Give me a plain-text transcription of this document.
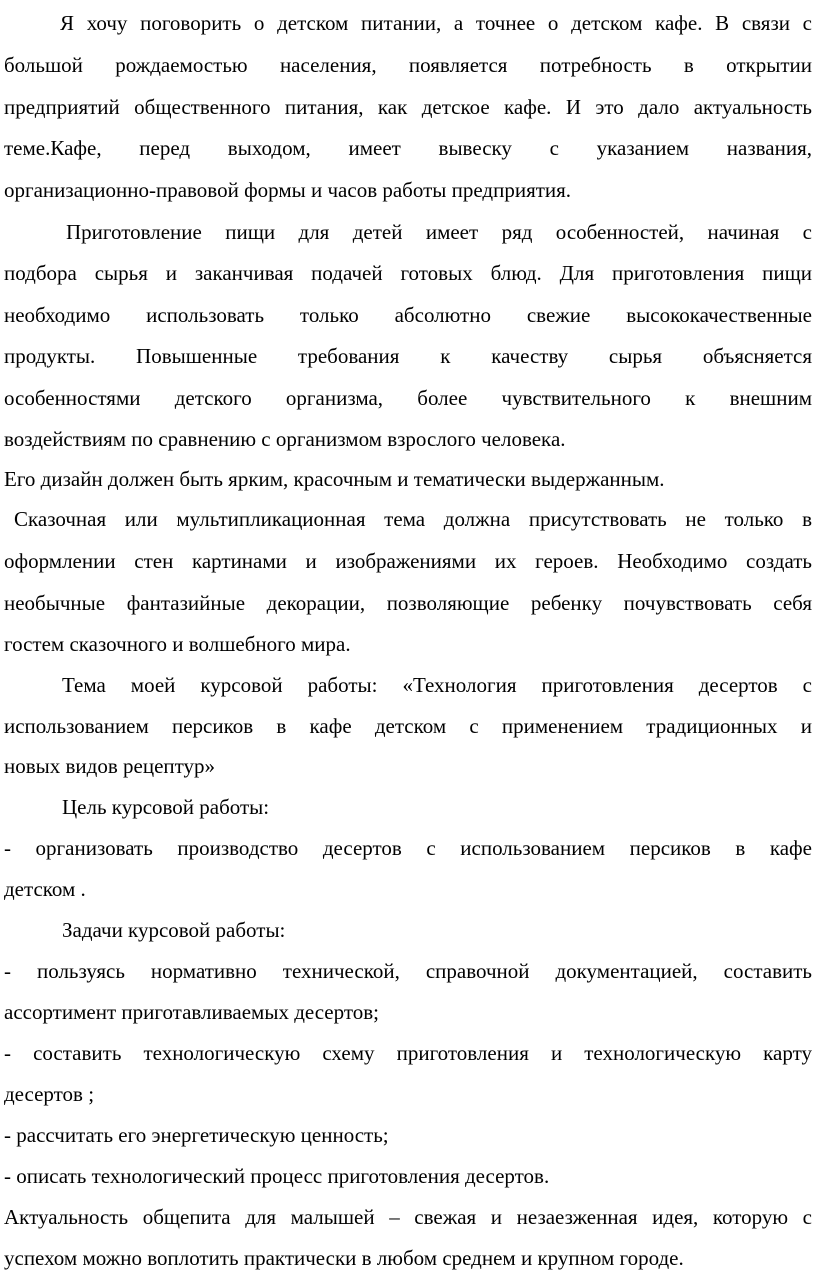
Я хочу поговорить о детском питании, а точнее о детском кафе. В связи с

большой рождаемостью населения, появляется потребность в открытии

предприятий общественного питания, как детское кафе. И это дало актуальность

теме.Кафе, перед выходом, имеет вывеску с указанием названия,

организационно-правовой формы и часов работы предприятия.

Приготовление пищи для детей имеет ряд особенностей, начиная с

подбора сырья и заканчивая подачей готовых блюд. Для приготовления пищи

необходимо использовать только абсолютно свежие высококачественные

продукты. Повышенные требования к качеству сырья объясняется

особенностями детского организма, более чувствительного к внешним

воздействиям по сравнению с организмом взрослого человека.

Его дизайн должен быть ярким, красочным и тематически выдержанным.

Сказочная или мультипликационная тема должна присутствовать не только в

оформлении стен картинами и изображениями их героев. Необходимо создать

необычные фантазийные декорации, позволяющие ребенку почувствовать себя

гостем сказочного и волшебного мира.

Тема моей курсовой работы: «Технология приготовления десертов с

использованием персиков в кафе детском с применением традиционных и

новых видов рецептур»

Цель курсовой работы:

- организовать производство десертов с использованием персиков в кафе

детском .

Задачи курсовой работы:

- пользуясь нормативно технической, справочной документацией, составить

ассортимент приготавливаемых десертов;

- составить технологическую схему приготовления и технологическую карту

десертов ;

- рассчитать его энергетическую ценность;

- описать технологический процесс приготовления десертов.

Актуальность общепита для малышей – свежая и незаезженная идея, которую с

успехом можно воплотить практически в любом среднем и крупном городе.
